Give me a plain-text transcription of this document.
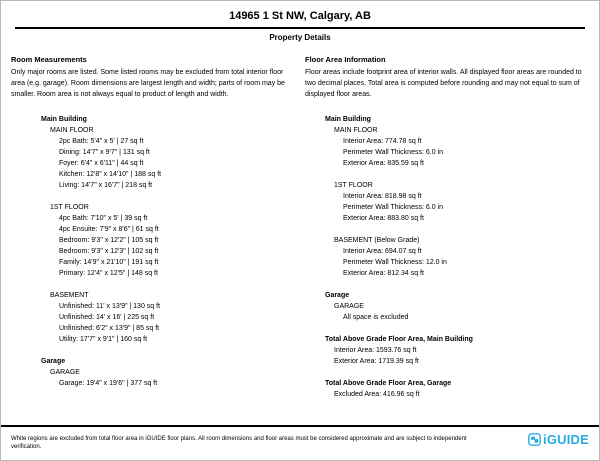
14965 1 St NW, Calgary, AB
Property Details
Room Measurements

Only major rooms are listed. Some listed rooms may be excluded from total interior floor area (e.g. garage). Room dimensions are largest length and width; parts of room may be smaller. Room area is not always equal to product of length and width.

Main Building
MAIN FLOOR
2pc Bath: 5'4" x 5' | 27 sq ft
Dining: 14'7" x 9'7" | 131 sq ft
Foyer: 6'4" x 6'11" | 44 sq ft
Kitchen: 12'8" x 14'10" | 188 sq ft
Living: 14'7" x 16'7" | 218 sq ft
1ST FLOOR
4pc Bath: 7'10" x 5' | 39 sq ft
4pc Ensuite: 7'9" x 8'6" | 61 sq ft
Bedroom: 9'3" x 12'2" | 105 sq ft
Bedroom: 9'3" x 12'3" | 102 sq ft
Family: 14'9" x 21'10" | 191 sq ft
Primary: 12'4" x 12'5" | 148 sq ft
BASEMENT
Unfinished: 11' x 13'9" | 130 sq ft
Unfinished: 14' x 16' | 225 sq ft
Unfinished: 6'2" x 13'9" | 85 sq ft
Utility: 17'7" x 9'1" | 160 sq ft
Garage
GARAGE
Garage: 19'4" x 19'6" | 377 sq ft
Floor Area Information

Floor areas include footprint area of interior walls. All displayed floor areas are rounded to two decimal places. Total area is computed before rounding and may not equal to sum of displayed floor areas.

Main Building
MAIN FLOOR
Interior Area: 774.78 sq ft
Perimeter Wall Thickness: 6.0 in
Exterior Area: 835.59 sq ft
1ST FLOOR
Interior Area: 818.98 sq ft
Perimeter Wall Thickness: 6.0 in
Exterior Area: 883.80 sq ft
BASEMENT (Below Grade)
Interior Area: 694.07 sq ft
Perimeter Wall Thickness: 12.0 in
Exterior Area: 812.34 sq ft
Garage
GARAGE
All space is excluded
Total Above Grade Floor Area, Main Building
Interior Area: 1593.76 sq ft
Exterior Area: 1719.39 sq ft
Total Above Grade Floor Area, Garage
Excluded Area: 416.96 sq ft
White regions are excluded from total floor area in iGUIDE floor plans. All room dimensions and floor areas must be considered approximate and are subject to independent verification.	iGUIDE
